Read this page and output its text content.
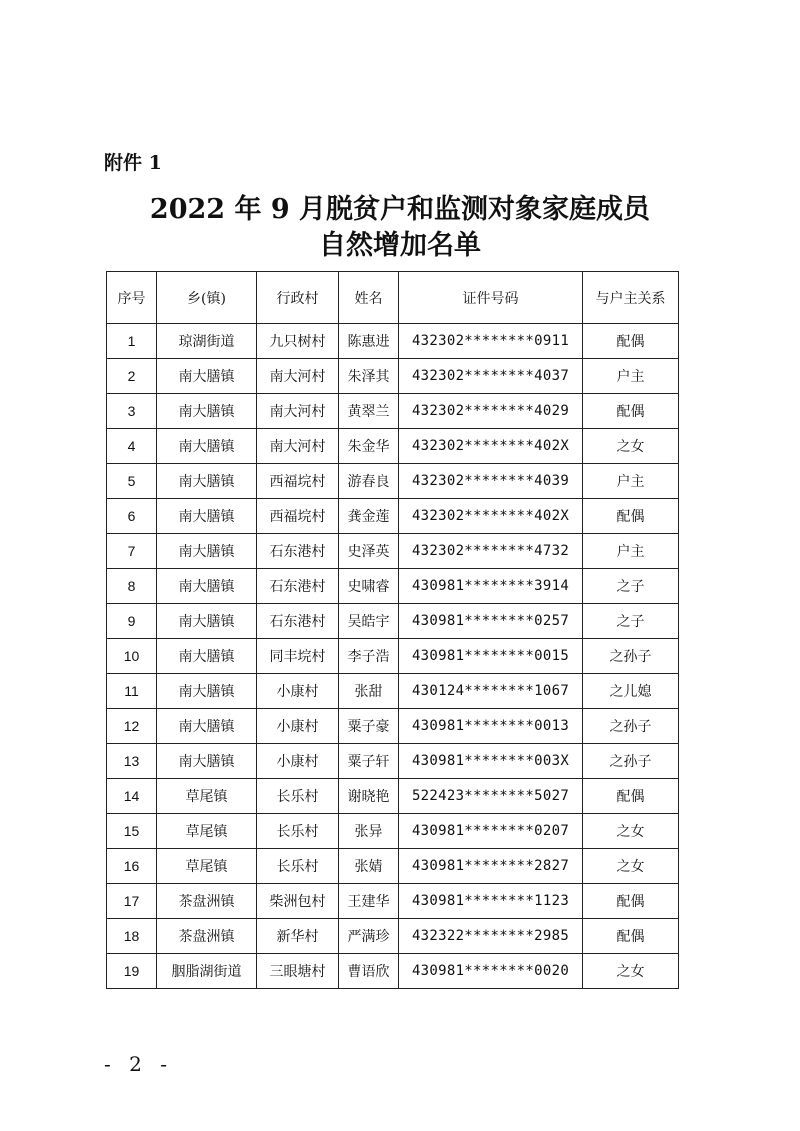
附件 1
2022 年 9 月脱贫户和监测对象家庭成员
自然增加名单
序号	乡(镇)	行政村	姓名	证件号码	与户主关系
1	琼湖街道	九只树村	陈惠进	432302********0911	配偶
2	南大膳镇	南大河村	朱泽其	432302********4037	户主
3	南大膳镇	南大河村	黄翠兰	432302********4029	配偶
4	南大膳镇	南大河村	朱金华	432302********402X	之女
5	南大膳镇	西福垸村	游春良	432302********4039	户主
6	南大膳镇	西福垸村	龚金莲	432302********402X	配偶
7	南大膳镇	石东港村	史泽英	432302********4732	户主
8	南大膳镇	石东港村	史啸睿	430981********3914	之子
9	南大膳镇	石东港村	吴皓宇	430981********0257	之子
10	南大膳镇	同丰垸村	李子浩	430981********0015	之孙子
11	南大膳镇	小康村	张甜	430124********1067	之儿媳
12	南大膳镇	小康村	粟子豪	430981********0013	之孙子
13	南大膳镇	小康村	粟子轩	430981********003X	之孙子
14	草尾镇	长乐村	谢晓艳	522423********5027	配偶
15	草尾镇	长乐村	张异	430981********0207	之女
16	草尾镇	长乐村	张婧	430981********2827	之女
17	茶盘洲镇	柴洲包村	王建华	430981********1123	配偶
18	茶盘洲镇	新华村	严满珍	432322********2985	配偶
19	胭脂湖街道	三眼塘村	曹语欣	430981********0020	之女
- 2 -
